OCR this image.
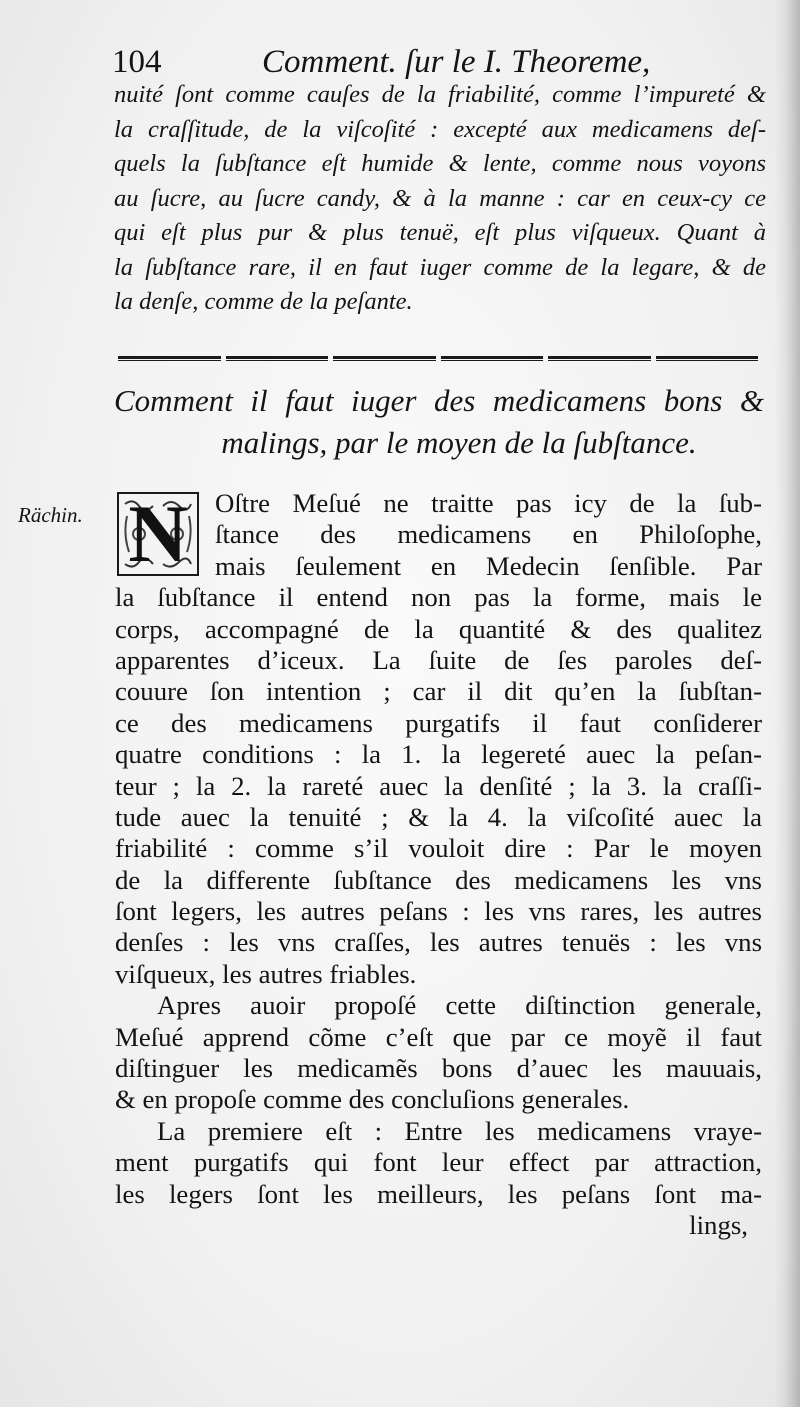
104	Comment. ſur le I. Theoreme,
nuité ſont comme cauſes de la friabilité, comme l’impureté &
la craſſitude, de la viſcoſité : excepté aux medicamens deſ-
quels la ſubſtance eſt humide & lente, comme nous voyons
au ſucre, au ſucre candy, & à la manne : car en ceux-cy ce
qui eſt plus pur & plus tenuë, eſt plus viſqueux. Quant à
la ſubſtance rare, il en faut iuger comme de la legare, & de
la denſe, comme de la peſante.
Comment il faut iuger des medicamens bons &
malings, par le moyen de la ſubſtance.
Rächin. N	Oſtre Meſué ne traitte pas icy de la ſub-
ſtance des medicamens en Philoſophe,
mais ſeulement en Medecin ſenſible. Par
la ſubſtance il entend non pas la forme, mais le
corps, accompagné de la quantité & des qualitez
apparentes d’iceux. La ſuite de ſes paroles deſ-
couure ſon intention ; car il dit qu’en la ſubſtan-
ce des medicamens purgatifs il faut conſiderer
quatre conditions : la 1. la legereté auec la peſan-
teur ; la 2. la rareté auec la denſité ; la 3. la craſſi-
tude auec la tenuité ; & la 4. la viſcoſité auec la
friabilité : comme s’il vouloit dire : Par le moyen
de la differente ſubſtance des medicamens les vns
ſont legers, les autres peſans : les vns rares, les autres
denſes : les vns craſſes, les autres tenuës : les vns
viſqueux, les autres friables.
Apres auoir propoſé cette diſtinction generale,
Meſué apprend cõme c’eſt que par ce moyẽ il faut
diſtinguer les medicamẽs bons d’auec les mauuais,
& en propoſe comme des concluſions generales.
La premiere eſt : Entre les medicamens vraye-
ment purgatifs qui font leur effect par attraction,
les legers ſont les meilleurs, les peſans ſont ma-
lings,
